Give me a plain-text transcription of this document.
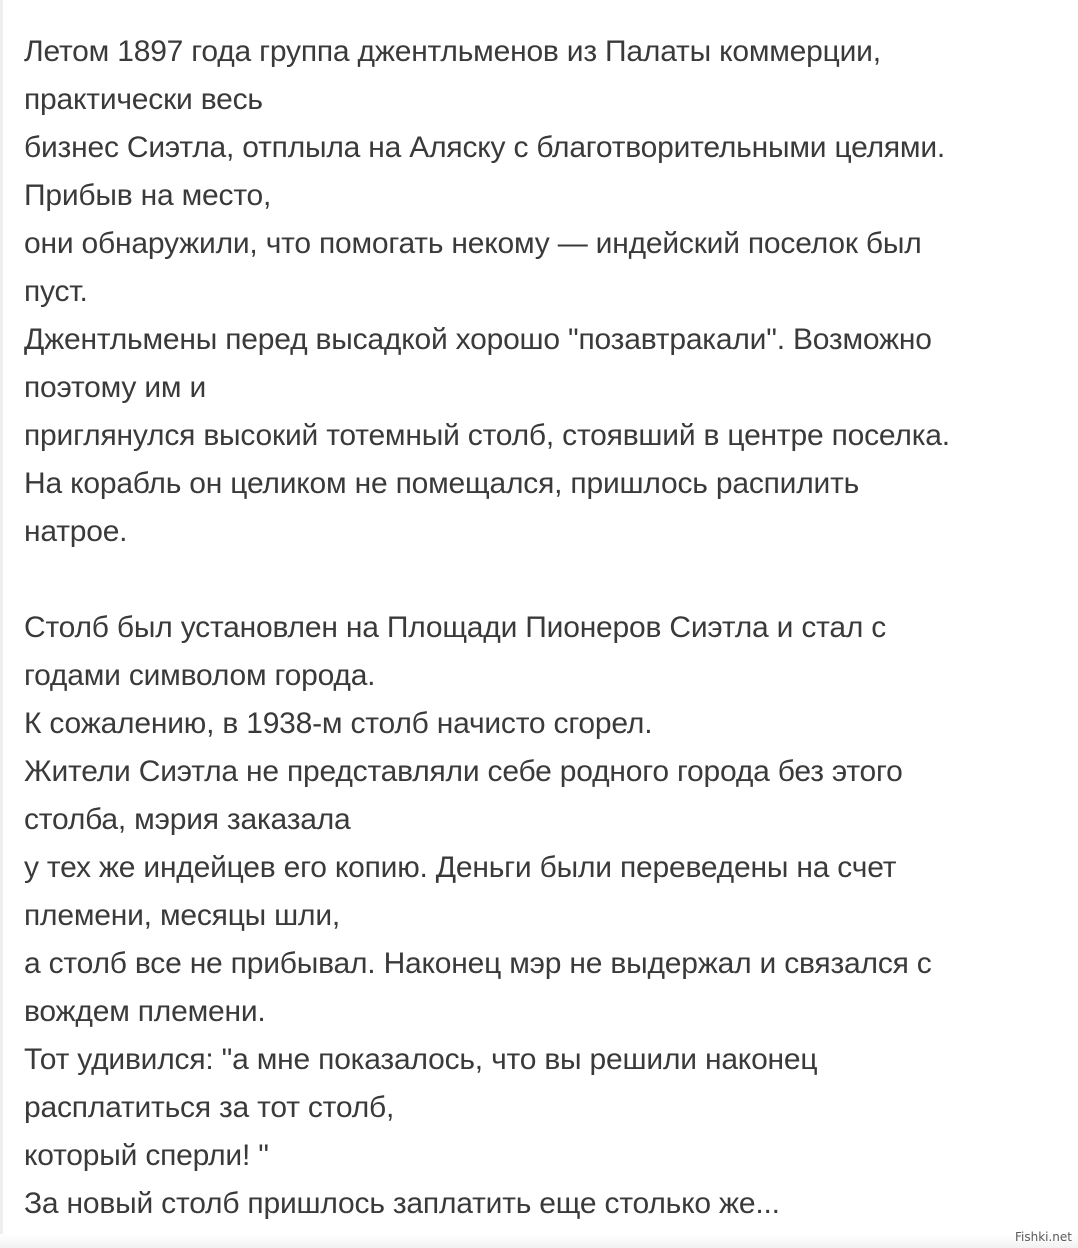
Летом 1897 года группа джентльменов из Палаты коммерции,
практически весь
бизнес Сиэтла, отплыла на Аляску с благотворительными целями.
Прибыв на место,
они обнаружили, что помогать некому — индейский поселок был
пуст.
Джентльмены перед высадкой хорошо "позавтракали". Возможно
поэтому им и
приглянулся высокий тотемный столб, стоявший в центре поселка.
На корабль он целиком не помещался, пришлось распилить
натрое.
Столб был установлен на Площади Пионеров Сиэтла и стал с
годами символом города.
К сожалению, в 1938-м столб начисто сгорел.
Жители Сиэтла не представляли себе родного города без этого
столба, мэрия заказала
у тех же индейцев его копию. Деньги были переведены на счет
племени, месяцы шли,
а столб все не прибывал. Наконец мэр не выдержал и связался с
вождем племени.
Тот удивился: "а мне показалось, что вы решили наконец
расплатиться за тот столб,
который сперли! "
За новый столб пришлось заплатить еще столько же...
Fishki.net
